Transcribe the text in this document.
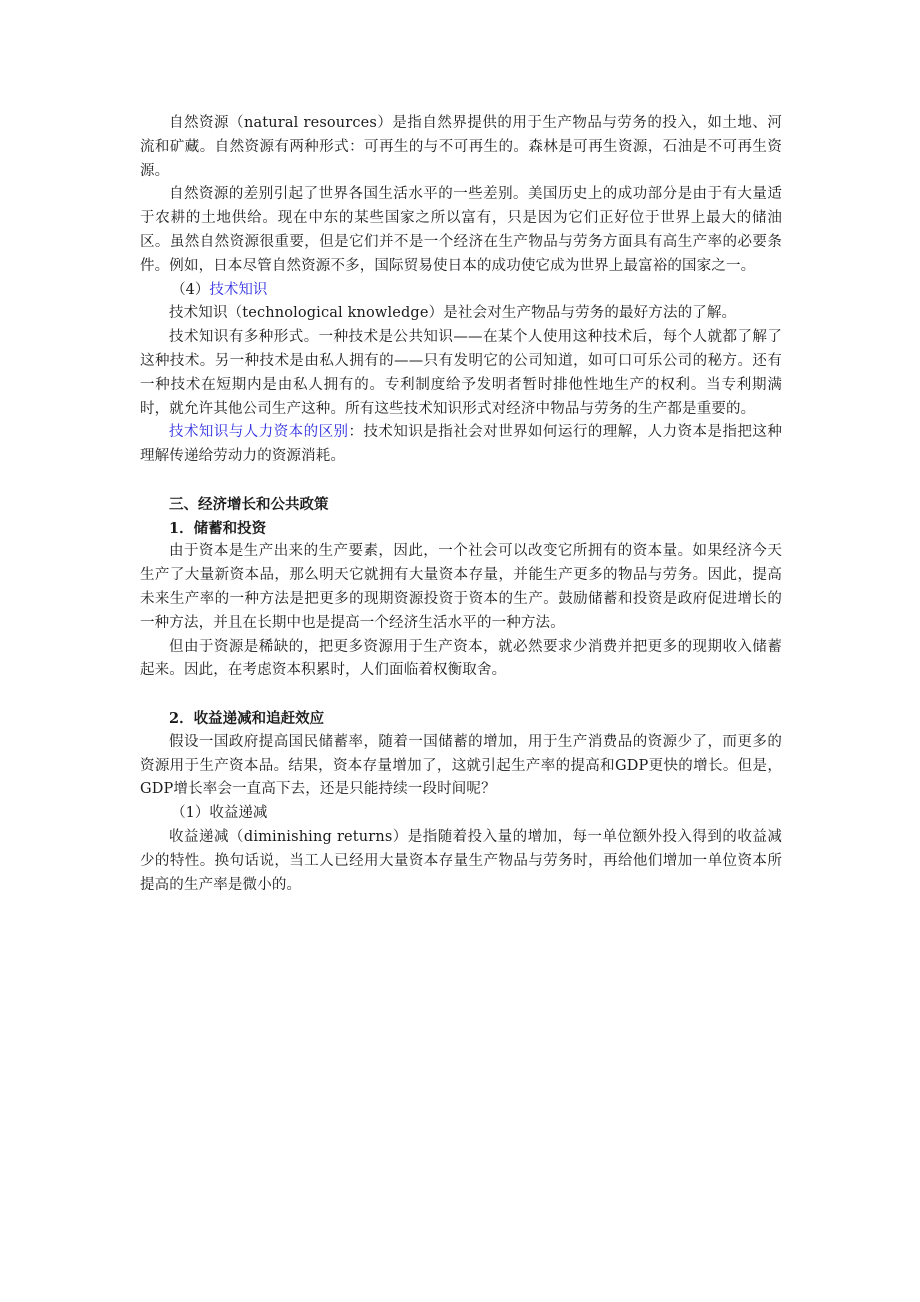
自然资源（natural resources）是指自然界提供的用于生产物品与劳务的投入，如土地、河流和矿藏。自然资源有两种形式：可再生的与不可再生的。森林是可再生资源，石油是不可再生资源。

自然资源的差别引起了世界各国生活水平的一些差别。美国历史上的成功部分是由于有大量适于农耕的土地供给。现在中东的某些国家之所以富有，只是因为它们正好位于世界上最大的储油区。虽然自然资源很重要，但是它们并不是一个经济在生产物品与劳务方面具有高生产率的必要条件。例如，日本尽管自然资源不多，国际贸易使日本的成功使它成为世界上最富裕的国家之一。

（4）技术知识

技术知识（technological knowledge）是社会对生产物品与劳务的最好方法的了解。

技术知识有多种形式。一种技术是公共知识——在某个人使用这种技术后，每个人就都了解了这种技术。另一种技术是由私人拥有的——只有发明它的公司知道，如可口可乐公司的秘方。还有一种技术在短期内是由私人拥有的。专利制度给予发明者暂时排他性地生产的权利。当专利期满时，就允许其他公司生产这种。所有这些技术知识形式对经济中物品与劳务的生产都是重要的。

技术知识与人力资本的区别：技术知识是指社会对世界如何运行的理解，人力资本是指把这种理解传递给劳动力的资源消耗。

三、经济增长和公共政策

1．储蓄和投资

由于资本是生产出来的生产要素，因此，一个社会可以改变它所拥有的资本量。如果经济今天生产了大量新资本品，那么明天它就拥有大量资本存量，并能生产更多的物品与劳务。因此，提高未来生产率的一种方法是把更多的现期资源投资于资本的生产。鼓励储蓄和投资是政府促进增长的一种方法，并且在长期中也是提高一个经济生活水平的一种方法。

但由于资源是稀缺的，把更多资源用于生产资本，就必然要求少消费并把更多的现期收入储蓄起来。因此，在考虑资本积累时，人们面临着权衡取舍。

2．收益递减和追赶效应

假设一国政府提高国民储蓄率，随着一国储蓄的增加，用于生产消费品的资源少了，而更多的资源用于生产资本品。结果，资本存量增加了，这就引起生产率的提高和GDP更快的增长。但是，GDP增长率会一直高下去，还是只能持续一段时间呢？

（1）收益递减

收益递减（diminishing returns）是指随着投入量的增加，每一单位额外投入得到的收益减少的特性。换句话说，当工人已经用大量资本存量生产物品与劳务时，再给他们增加一单位资本所提高的生产率是微小的。
